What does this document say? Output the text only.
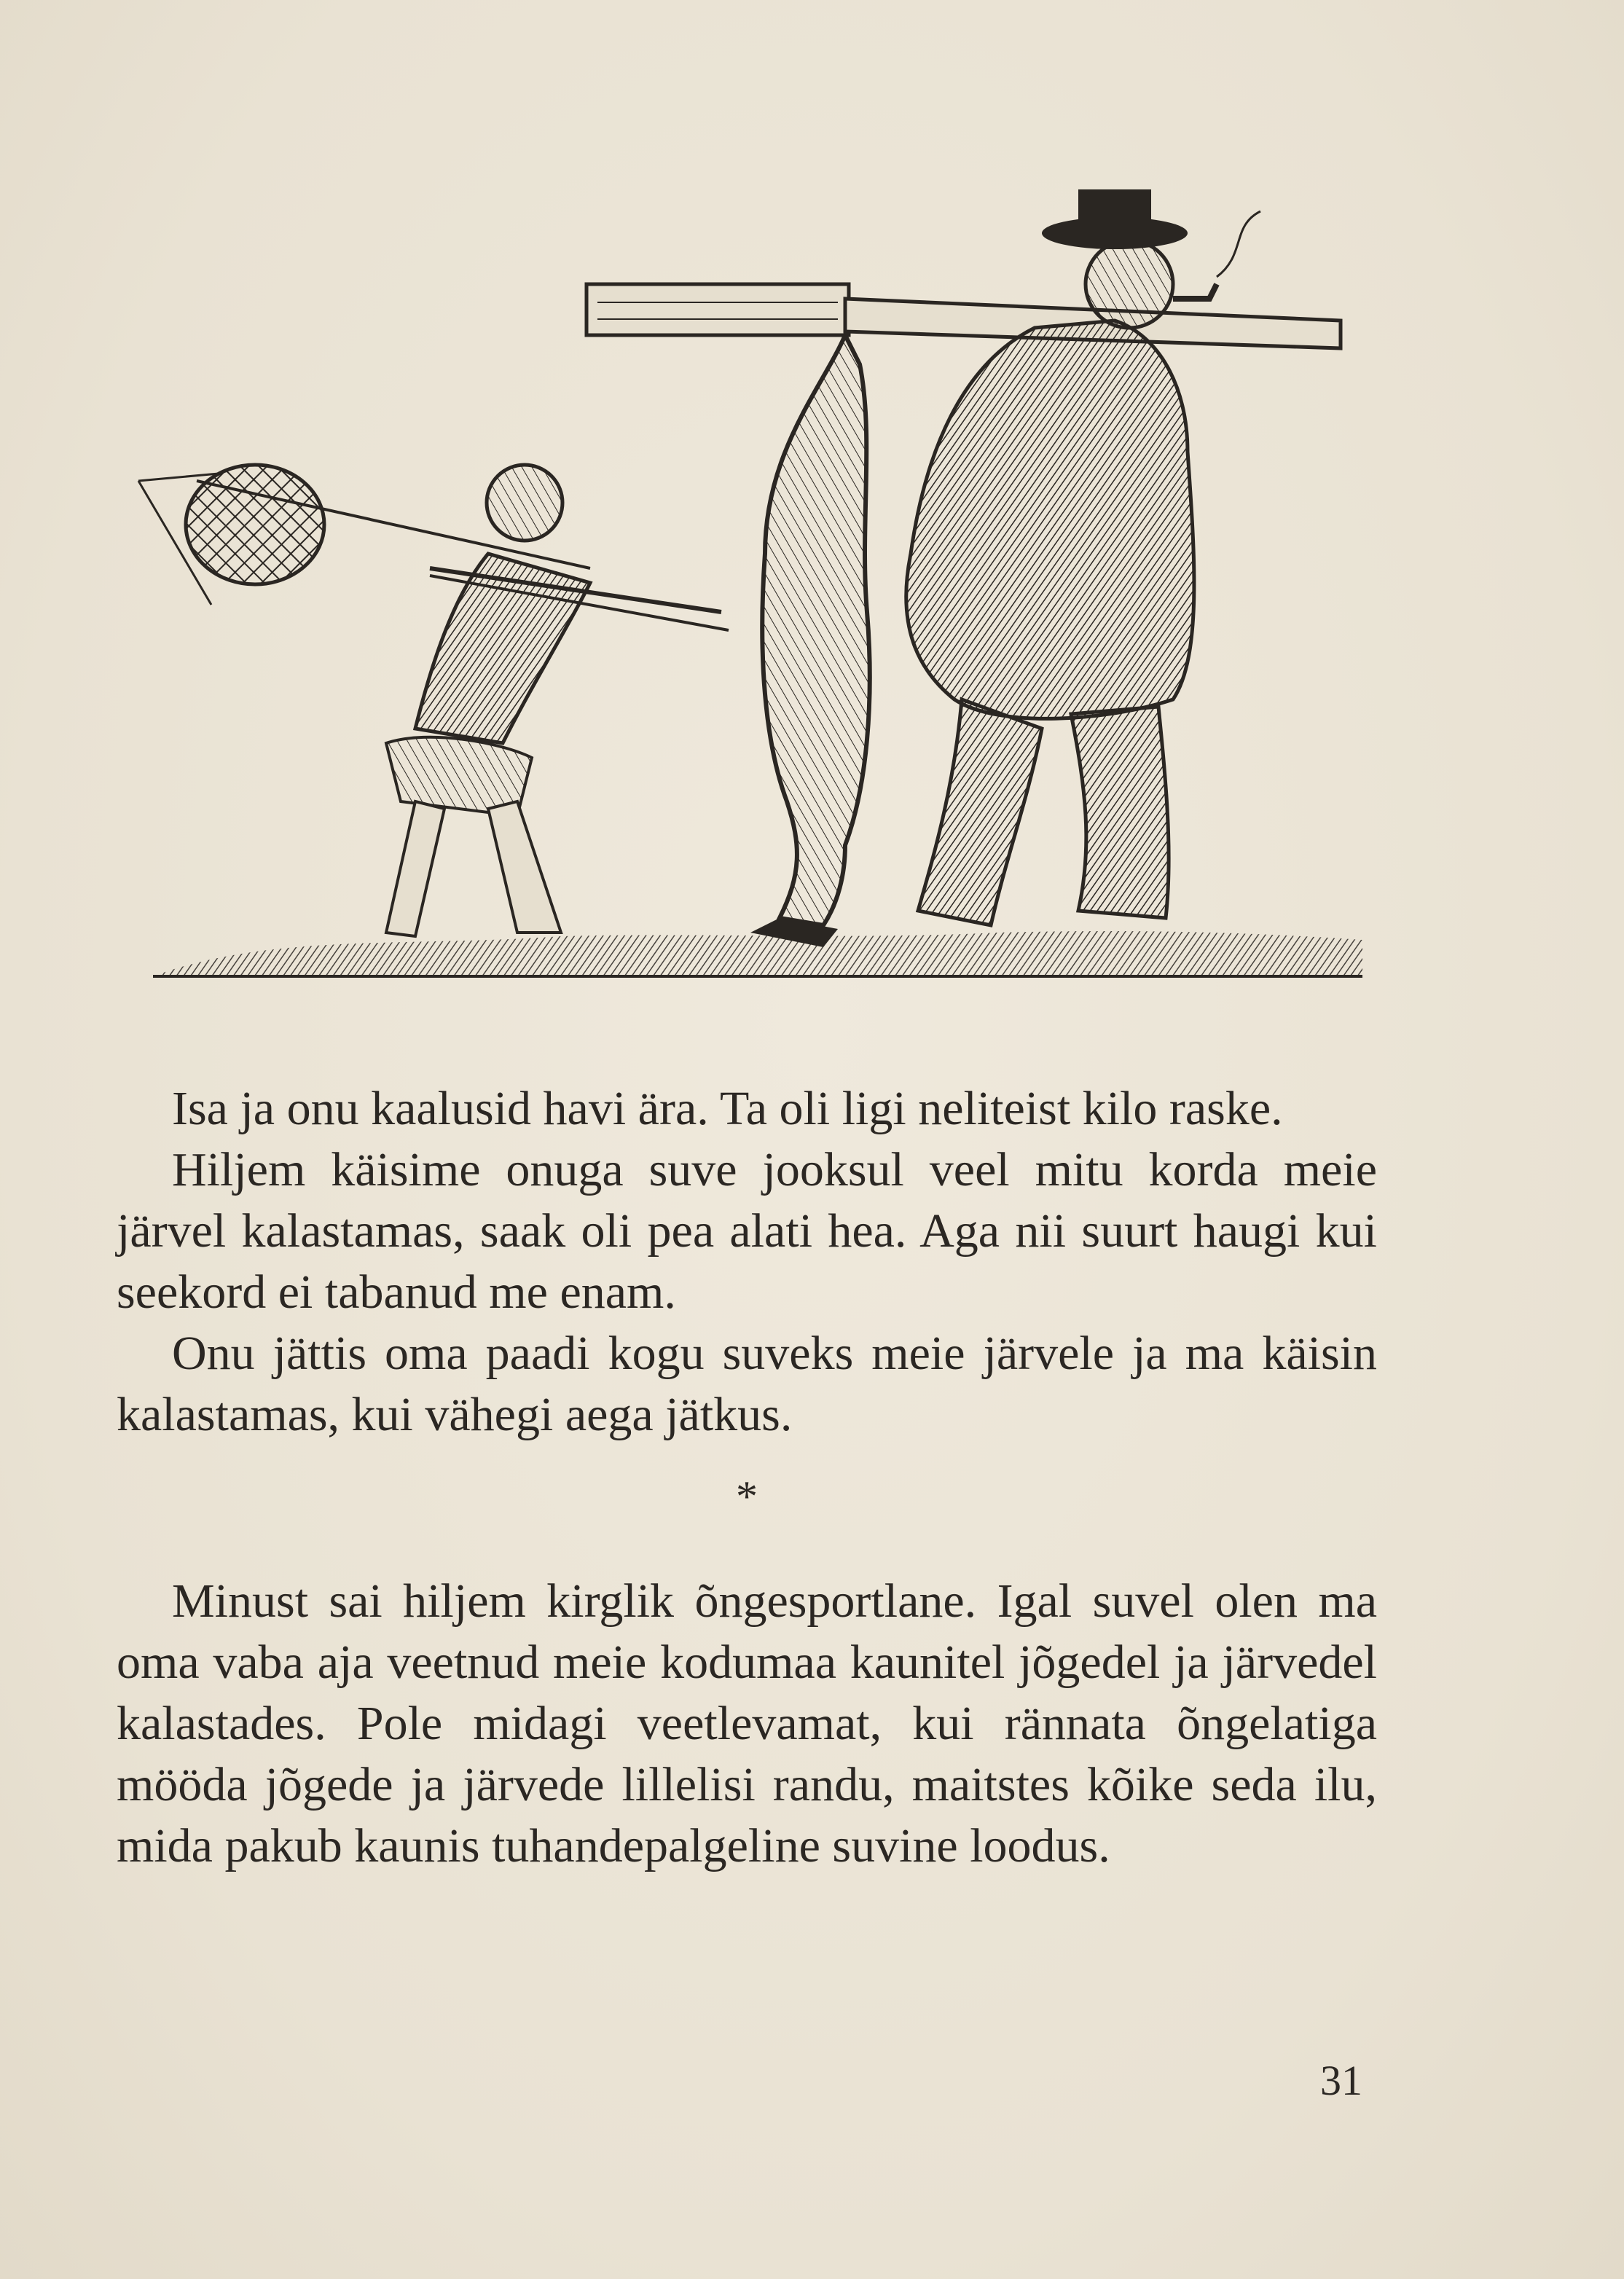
Isa ja onu kaalusid havi ära. Ta oli ligi neliteist kilo raske.

Hiljem käisime onuga suve jooksul veel mitu korda meie järvel kalastamas, saak oli pea alati hea. Aga nii suurt haugi kui seekord ei tabanud me enam.

Onu jättis oma paadi kogu suveks meie järvele ja ma käisin kalastamas, kui vähegi aega jätkus.

*

Minust sai hiljem kirglik õngesportlane. Igal suvel olen ma oma vaba aja veetnud meie kodumaa kaunitel jõgedel ja järvedel kalastades. Pole midagi veetlevamat, kui rännata õngelatiga mööda jõgede ja järvede lillelisi randu, maitstes kõike seda ilu, mida pakub kaunis tuhandepalgeline suvine loodus.

31
